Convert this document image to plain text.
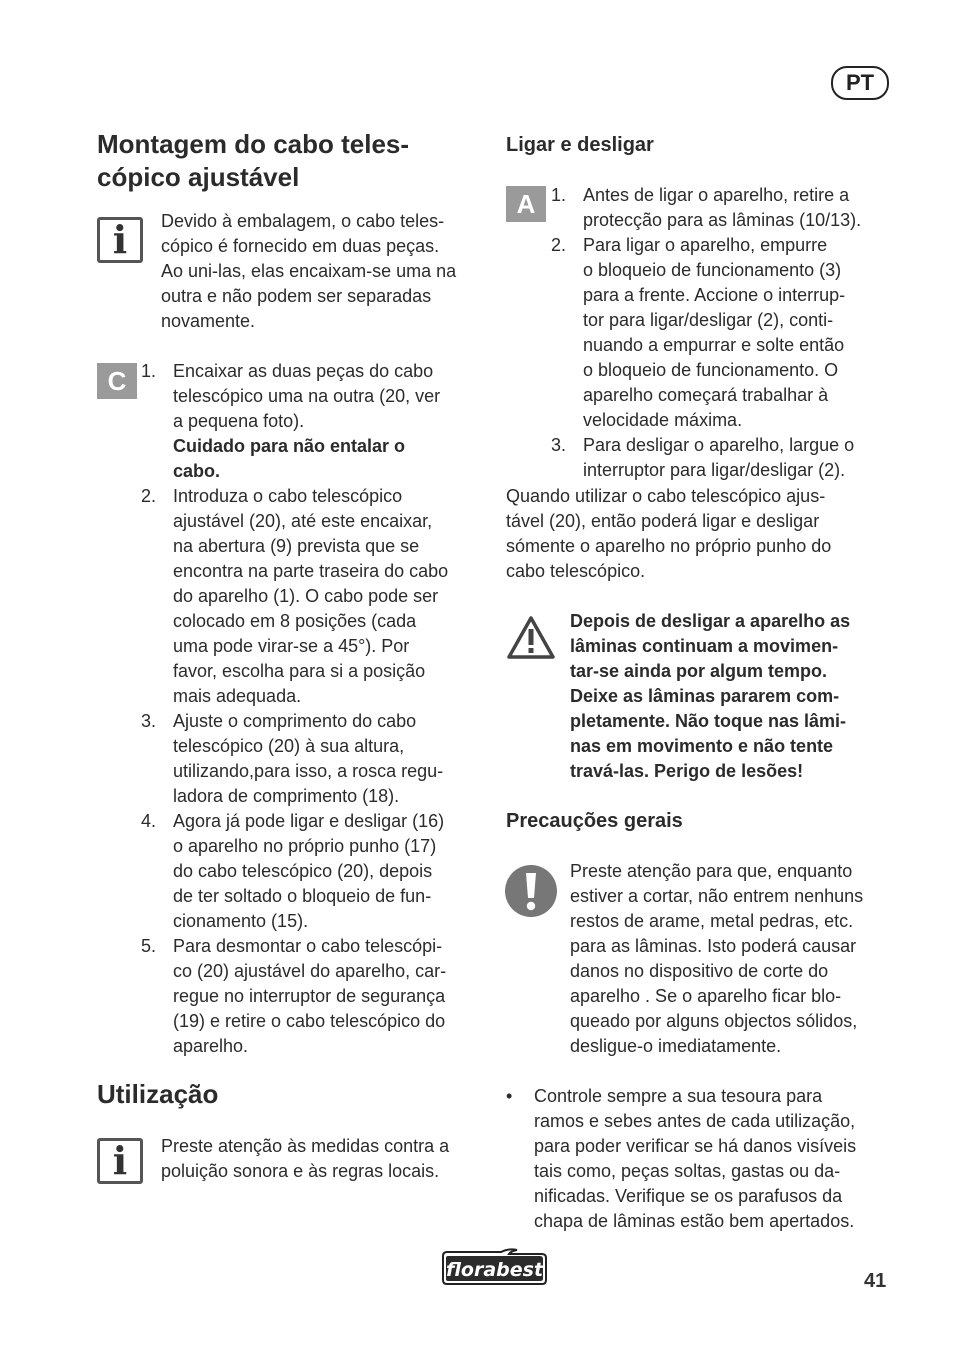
PT
Montagem do cabo teles-
cópico ajustável
i	Devido à embalagem, o cabo teles-
cópico é fornecido em duas peças.
Ao uni-las, elas encaixam-se uma na
outra e não podem ser separadas
novamente.
C 1. Encaixar as duas peças do cabo
telescópico uma na outra (20, ver
a pequena foto).
Cuidado para não entalar o
cabo.
2. Introduza o cabo telescópico
ajustável (20), até este encaixar,
na abertura (9) prevista que se
encontra na parte traseira do cabo
do aparelho (1). O cabo pode ser
colocado em 8 posições (cada
uma pode virar-se a 45°). Por
favor, escolha para si a posição
mais adequada.
3. Ajuste o comprimento do cabo
telescópico (20) à sua altura,
utilizando,para isso, a rosca regu-
ladora de comprimento (18).
4. Agora já pode ligar e desligar (16)
o aparelho no próprio punho (17)
do cabo telescópico (20), depois
de ter soltado o bloqueio de fun-
cionamento (15).
5. Para desmontar o cabo telescópi-
co (20) ajustável do aparelho, car-
regue no interruptor de segurança
(19) e retire o cabo telescópico do
aparelho.
Utilização
i	Preste atenção às medidas contra a
poluição sonora e às regras locais.
Ligar e desligar
A 1. Antes de ligar o aparelho, retire a
protecção para as lâminas (10/13).
2. Para ligar o aparelho, empurre
o bloqueio de funcionamento (3)
para a frente. Accione o interrup-
tor para ligar/desligar (2), conti-
nuando a empurrar e solte então
o bloqueio de funcionamento. O
aparelho começará trabalhar à
velocidade máxima.
3. Para desligar o aparelho, largue o
interruptor para ligar/desligar (2).
Quando utilizar o cabo telescópico ajus-
tável (20), então poderá ligar e desligar
sómente o aparelho no próprio punho do
cabo telescópico.
Depois de desligar a aparelho as
lâminas continuam a movimen-
tar-se ainda por algum tempo.
Deixe as lâminas pararem com-
pletamente. Não toque nas lâmi-
nas em movimento e não tente
travá-las. Perigo de lesões!
Precauções gerais
Preste atenção para que, enquanto
estiver a cortar, não entrem nenhuns
restos de arame, metal pedras, etc.
para as lâminas. Isto poderá causar
danos no dispositivo de corte do
aparelho . Se o aparelho ficar blo-
queado por alguns objectos sólidos,
desligue-o imediatamente.
• Controle sempre a sua tesoura para
ramos e sebes antes de cada utilização,
para poder verificar se há danos visíveis
tais como, peças soltas, gastas ou da-
nificadas. Verifique se os parafusos da
chapa de lâminas estão bem apertados.
florabest	41
